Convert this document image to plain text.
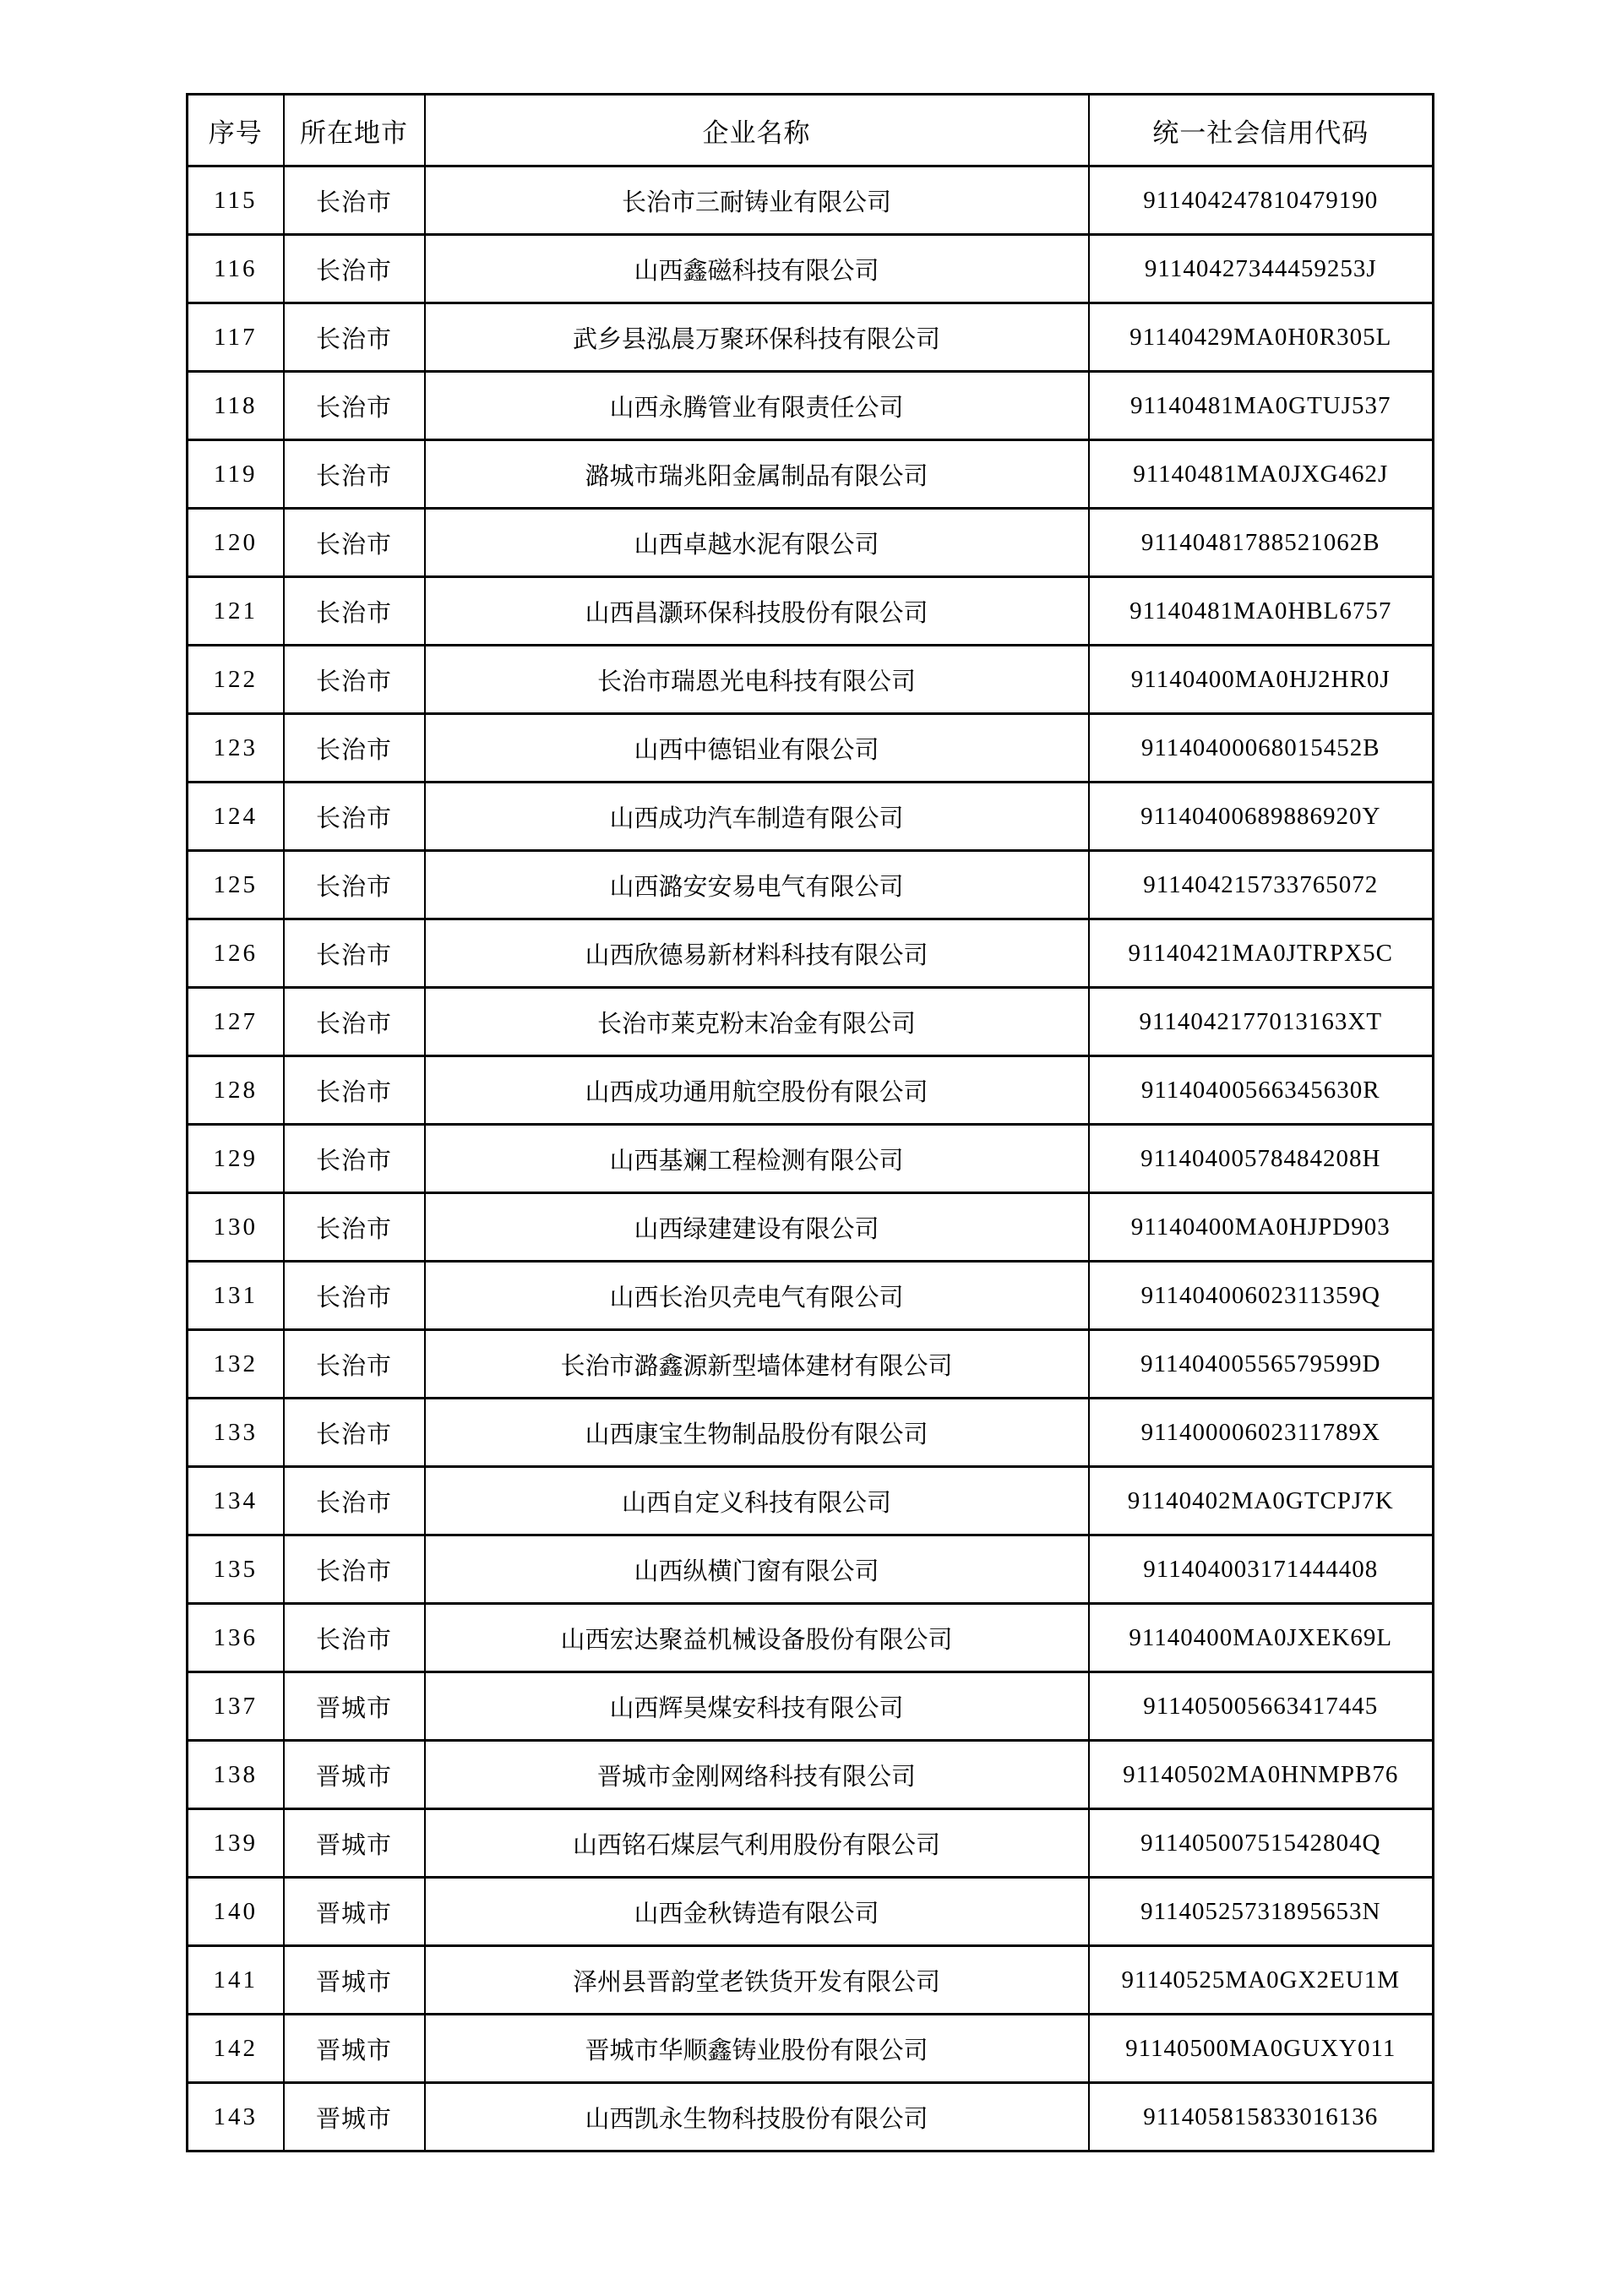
序号	所在地市	企业名称	统一社会信用代码
115	长治市	长治市三耐铸业有限公司	911404247810479190
116	长治市	山西鑫磁科技有限公司	91140427344459253J
117	长治市	武乡县泓晨万聚环保科技有限公司	91140429MA0H0R305L
118	长治市	山西永腾管业有限责任公司	91140481MA0GTUJ537
119	长治市	潞城市瑞兆阳金属制品有限公司	91140481MA0JXG462J
120	长治市	山西卓越水泥有限公司	91140481788521062B
121	长治市	山西昌灏环保科技股份有限公司	91140481MA0HBL6757
122	长治市	长治市瑞恩光电科技有限公司	91140400MA0HJ2HR0J
123	长治市	山西中德铝业有限公司	91140400068015452B
124	长治市	山西成功汽车制造有限公司	91140400689886920Y
125	长治市	山西潞安安易电气有限公司	911404215733765072
126	长治市	山西欣德易新材料科技有限公司	91140421MA0JTRPX5C
127	长治市	长治市莱克粉末冶金有限公司	9114042177013163XT
128	长治市	山西成功通用航空股份有限公司	91140400566345630R
129	长治市	山西基斓工程检测有限公司	91140400578484208H
130	长治市	山西绿建建设有限公司	91140400MA0HJPD903
131	长治市	山西长治贝壳电气有限公司	91140400602311359Q
132	长治市	长治市潞鑫源新型墙体建材有限公司	91140400556579599D
133	长治市	山西康宝生物制品股份有限公司	91140000602311789X
134	长治市	山西自定义科技有限公司	91140402MA0GTCPJ7K
135	长治市	山西纵横门窗有限公司	911404003171444408
136	长治市	山西宏达聚益机械设备股份有限公司	91140400MA0JXEK69L
137	晋城市	山西辉昊煤安科技有限公司	911405005663417445
138	晋城市	晋城市金刚网络科技有限公司	91140502MA0HNMPB76
139	晋城市	山西铭石煤层气利用股份有限公司	91140500751542804Q
140	晋城市	山西金秋铸造有限公司	91140525731895653N
141	晋城市	泽州县晋韵堂老铁货开发有限公司	91140525MA0GX2EU1M
142	晋城市	晋城市华顺鑫铸业股份有限公司	91140500MA0GUXY011
143	晋城市	山西凯永生物科技股份有限公司	911405815833016136
